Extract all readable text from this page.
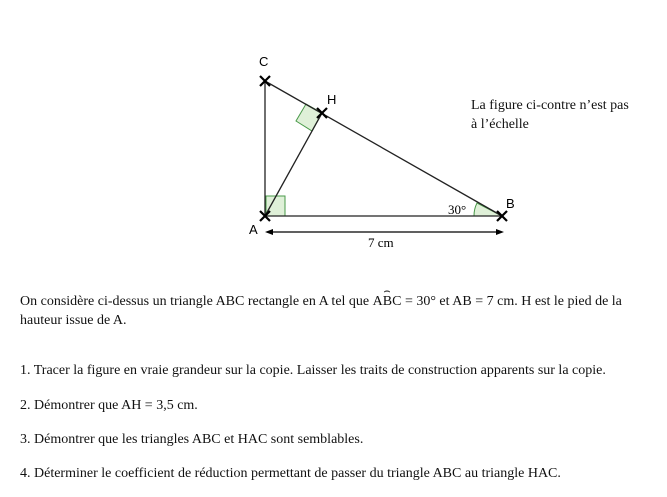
C
H
A
B
30°
7 cm
La figure ci-contre n’est pas
à l’échelle
On considère ci-dessus un triangle ABC rectangle en A tel que
⌢
ABC = 30° et AB = 7 cm. H est le pied de la hauteur issue de A.
1. Tracer la figure en vraie grandeur sur la copie. Laisser les traits de construction apparents sur la copie.
2. Démontrer que AH = 3,5 cm.
3. Démontrer que les triangles ABC et HAC sont semblables.
4. Déterminer le coefficient de réduction permettant de passer du triangle ABC au triangle HAC.
